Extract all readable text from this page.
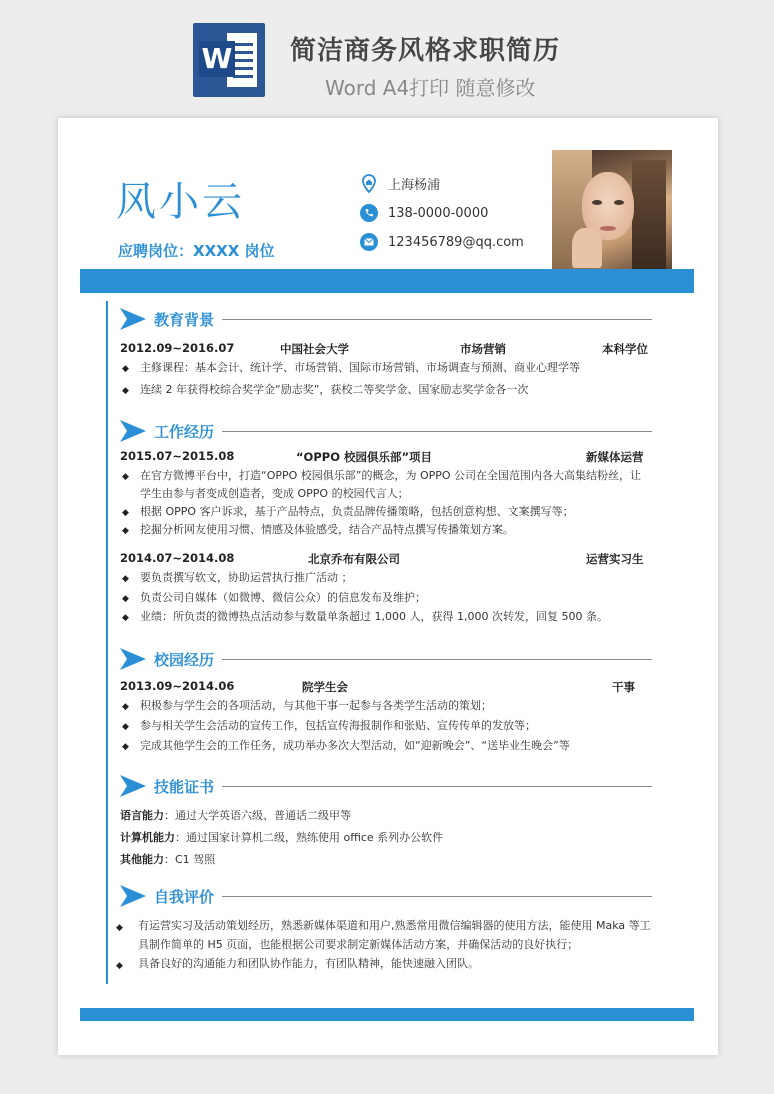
W 简洁商务风格求职简历
Word A4打印 随意修改
风小云
应聘岗位：XXXX 岗位
上海杨浦
138-0000-0000
123456789@qq.com
教育背景
2012.09~2016.07	中国社会大学	市场营销	本科学位
◆ 主修课程：基本会计、统计学、市场营销、国际市场营销、市场调查与预测、商业心理学等
◆ 连续 2 年获得校综合奖学金“励志奖”，获校二等奖学金、国家励志奖学金各一次
工作经历
2015.07~2015.08	“OPPO 校园俱乐部”项目	新媒体运营
◆ 在官方微博平台中，打造“OPPO 校园俱乐部”的概念，为 OPPO 公司在全国范围内各大高集结粉丝，让
学生由参与者变成创造者，变成 OPPO 的校园代言人；
◆ 根据 OPPO 客户诉求，基于产品特点，负责品牌传播策略，包括创意构想、文案撰写等；
◆ 挖掘分析网友使用习惯、情感及体验感受，结合产品特点撰写传播策划方案。
2014.07~2014.08	北京乔布有限公司	运营实习生
◆ 要负责撰写软文，协助运营执行推广活动 ；
◆ 负责公司自媒体（如微博、微信公众）的信息发布及维护；
◆ 业绩：所负责的微博热点活动参与数量单条超过 1,000 人，获得 1,000 次转发，回复 500 条。
校园经历
2013.09~2014.06	院学生会	干事
◆ 积极参与学生会的各项活动，与其他干事一起参与各类学生活动的策划；
◆ 参与相关学生会活动的宣传工作，包括宣传海报制作和张贴、宣传传单的发放等；
◆ 完成其他学生会的工作任务，成功举办多次大型活动，如“迎新晚会”、“送毕业生晚会”等
技能证书
语言能力：通过大学英语六级、普通话二级甲等
计算机能力：通过国家计算机二级，熟练使用 office 系列办公软件
其他能力：C1 驾照
自我评价
◆ 有运营实习及活动策划经历，熟悉新媒体渠道和用户,熟悉常用微信编辑器的使用方法，能使用 Maka 等工
具制作简单的 H5 页面，也能根据公司要求制定新媒体活动方案，并确保活动的良好执行；
◆ 具备良好的沟通能力和团队协作能力，有团队精神，能快速融入团队。
